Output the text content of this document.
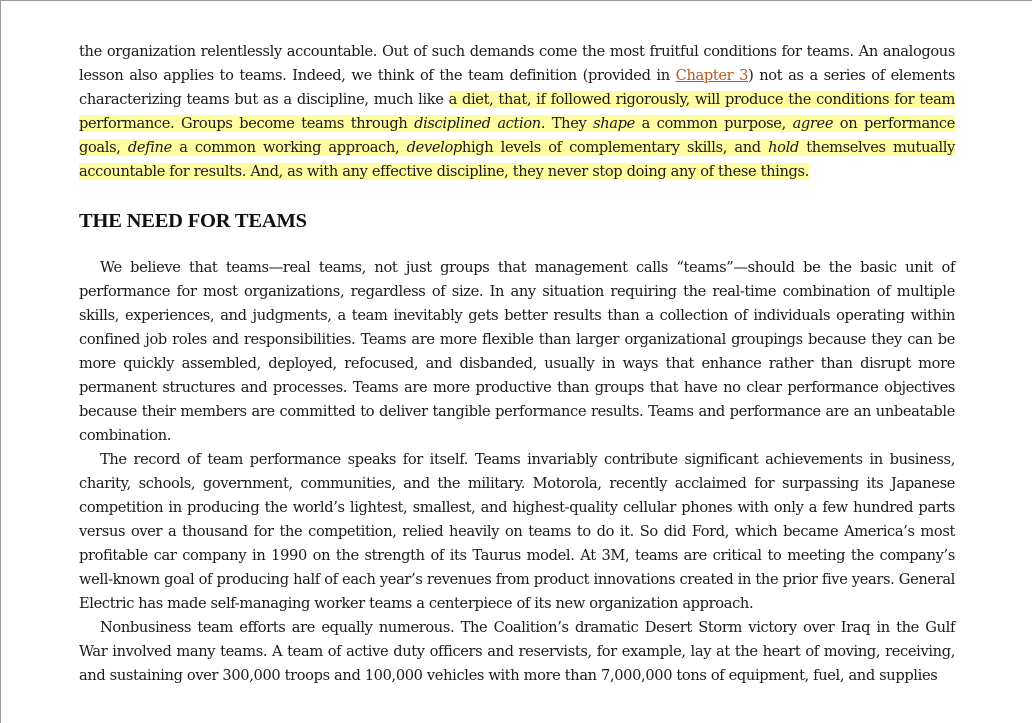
the organization relentlessly accountable. Out of such demands come the most fruitful conditions for teams. An analogous lesson also applies to teams. Indeed, we think of the team definition (provided in Chapter 3) not as a series of elements characterizing teams but as a discipline, much like a diet, that, if followed rigorously, will produce the conditions for team performance. Groups become teams through disciplined action. They shape a common purpose, agree on performance goals, define a common working approach, develophigh levels of complementary skills, and hold themselves mutually accountable for results. And, as with any effective discipline, they never stop doing any of these things.

THE NEED FOR TEAMS

We believe that teams—real teams, not just groups that management calls “teams”—should be the basic unit of performance for most organizations, regardless of size. In any situation requiring the real-time combination of multiple skills, experiences, and judgments, a team inevitably gets better results than a collection of individuals operating within confined job roles and responsibilities. Teams are more flexible than larger organizational groupings because they can be more quickly assembled, deployed, refocused, and disbanded, usually in ways that enhance rather than disrupt more permanent structures and processes. Teams are more productive than groups that have no clear performance objectives because their members are committed to deliver tangible performance results. Teams and performance are an unbeatable combination.

The record of team performance speaks for itself. Teams invariably contribute significant achievements in business, charity, schools, government, communities, and the military. Motorola, recently acclaimed for surpassing its Japanese competition in producing the world’s lightest, smallest, and highest-quality cellular phones with only a few hundred parts versus over a thousand for the competition, relied heavily on teams to do it. So did Ford, which became America’s most profitable car company in 1990 on the strength of its Taurus model. At 3M, teams are critical to meeting the company’s well-known goal of producing half of each year’s revenues from product innovations created in the prior five years. General Electric has made self-managing worker teams a centerpiece of its new organization approach.

Nonbusiness team efforts are equally numerous. The Coalition’s dramatic Desert Storm victory over Iraq in the Gulf War involved many teams. A team of active duty officers and reservists, for example, lay at the heart of moving, receiving, and sustaining over 300,000 troops and 100,000 vehicles with more than 7,000,000 tons of equipment, fuel, and supplies
